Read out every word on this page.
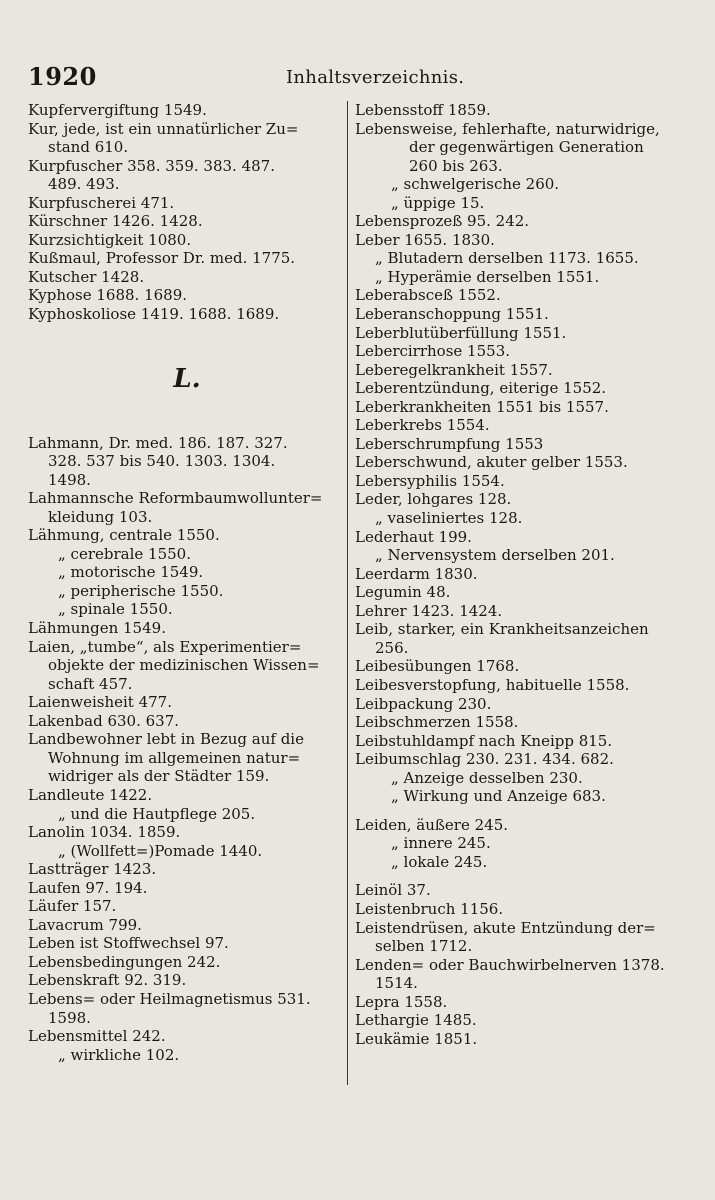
1920	Inhaltsverzeichnis.
Kupfervergiftung 1549.
Kur, jede, ist ein unnatürlicher Zu=
stand 610.
Kurpfuscher 358. 359. 383. 487.
489. 493.
Kurpfuscherei 471.
Kürschner 1426. 1428.
Kurzsichtigkeit 1080.
Kußmaul, Professor Dr. med. 1775.
Kutscher 1428.
Kyphose 1688. 1689.
Kyphoskoliose 1419. 1688. 1689.
L.
Lahmann, Dr. med. 186. 187. 327.
328. 537 bis 540. 1303. 1304.
1498.
Lahmannsche Reformbaumwollunter=
kleidung 103.
Lähmung, centrale 1550.
„ cerebrale 1550.
„ motorische 1549.
„ peripherische 1550.
„ spinale 1550.
Lähmungen 1549.
Laien, „tumbe“, als Experimentier=
objekte der medizinischen Wissen=
schaft 457.
Laienweisheit 477.
Lakenbad 630. 637.
Landbewohner lebt in Bezug auf die
Wohnung im allgemeinen natur=
widriger als der Städter 159.
Landleute 1422.
„ und die Hautpflege 205.
Lanolin 1034. 1859.
„ (Wollfett=)Pomade 1440.
Lastträger 1423.
Laufen 97. 194.
Läufer 157.
Lavacrum 799.
Leben ist Stoffwechsel 97.
Lebensbedingungen 242.
Lebenskraft 92. 319.
Lebens= oder Heilmagnetismus 531.
1598.
Lebensmittel 242.
„ wirkliche 102.
Lebensstoff 1859.
Lebensweise, fehlerhafte, naturwidrige,
der gegenwärtigen Generation
260 bis 263.
„ schwelgerische 260.
„ üppige 15.
Lebensprozeß 95. 242.
Leber 1655. 1830.
„ Blutadern derselben 1173. 1655.
„ Hyperämie derselben 1551.
Leberabsceß 1552.
Leberanschoppung 1551.
Leberblutüberfüllung 1551.
Lebercirrhose 1553.
Leberegelkrankheit 1557.
Leberentzündung, eiterige 1552.
Leberkrankheiten 1551 bis 1557.
Leberkrebs 1554.
Leberschrumpfung 1553
Leberschwund, akuter gelber 1553.
Lebersyphilis 1554.
Leder, lohgares 128.
„ vaseliniertes 128.
Lederhaut 199.
„ Nervensystem derselben 201.
Leerdarm 1830.
Legumin 48.
Lehrer 1423. 1424.
Leib, starker, ein Krankheitsanzeichen
256.
Leibesübungen 1768.
Leibesverstopfung, habituelle 1558.
Leibpackung 230.
Leibschmerzen 1558.
Leibstuhldampf nach Kneipp 815.
Leibumschlag 230. 231. 434. 682.
„ Anzeige desselben 230.
„ Wirkung und Anzeige 683.
Leiden, äußere 245.
„ innere 245.
„ lokale 245.
Leinöl 37.
Leistenbruch 1156.
Leistendrüsen, akute Entzündung der=
selben 1712.
Lenden= oder Bauchwirbelnerven 1378.
1514.
Lepra 1558.
Lethargie 1485.
Leukämie 1851.
